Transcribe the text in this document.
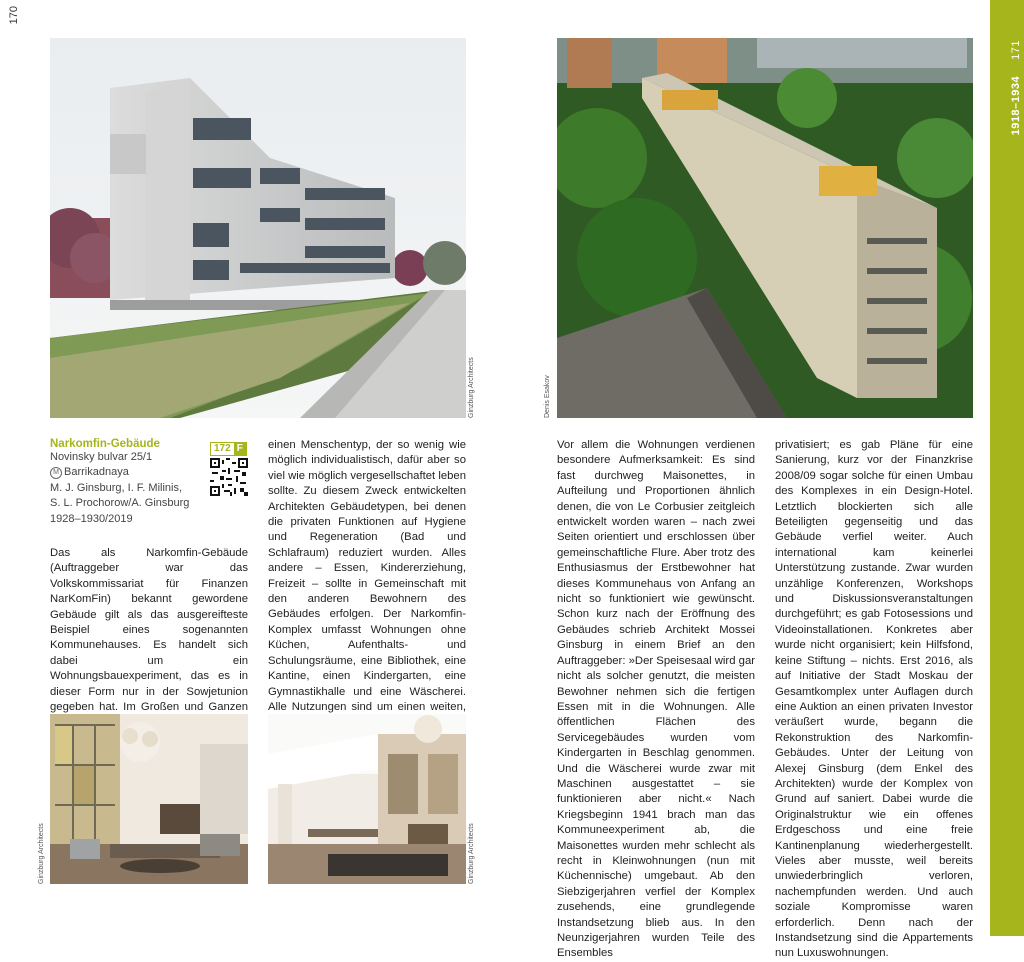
170
1918–1934171
Ginzburg Architects	Denis Esakov
Narkomfin-Gebäude
Novinsky bulvar 25/1
M Barrikadnaya
M. J. Ginsburg, I. F. Milinis,
S. L. Prochorow/A. Ginsburg
1928–1930/2019
172 F

Das als Narkomfin-Gebäude (Auftraggeber war das Volkskommissariat für Finanzen NarKomFin) bekannt gewordene Gebäude gilt als das ausgereifteste Beispiel eines sogenannten Kommunehauses. Es handelt sich dabei um ein Wohnungsbauexperiment, das es in dieser Form nur in der Sowjetunion gegeben hat. Im Großen und Ganzen

einen Menschentyp, der so wenig wie möglich individualistisch, dafür aber so viel wie möglich vergesellschaftet leben sollte. Zu diesem Zweck entwickelten Architekten Gebäudetypen, bei denen die privaten Funktionen auf Hygiene und Regeneration (Bad und Schlafraum) reduziert wurden. Alles andere – Essen, Kindererziehung, Freizeit – sollte in Gemeinschaft mit den anderen Bewohnern des Gebäudes erfolgen. Der Narkomfin-Komplex umfasst Wohnungen ohne Küchen, Aufenthalts- und Schulungsräume, eine Bibliothek, eine Kantine, einen Kindergarten, eine Gymnastikhalle und eine Wäscherei. Alle Nutzungen sind um einen weiten,

Vor allem die Wohnungen verdienen besondere Aufmerksamkeit: Es sind fast durchweg Maisonettes, in Aufteilung und Proportionen ähnlich denen, die von Le Corbusier zeitgleich entwickelt worden waren – nach zwei Seiten orientiert und erschlossen über gemeinschaftliche Flure. Aber trotz des Enthusiasmus der Erstbewohner hat dieses Kommunehaus von Anfang an nicht so funktioniert wie gewünscht. Schon kurz nach der Eröffnung des Gebäudes schrieb Architekt Mossei Ginsburg in einem Brief an den Auftraggeber: »Der Speisesaal wird gar nicht als solcher genutzt, die meisten Bewohner nehmen sich die fertigen Essen mit in die Wohnungen. Alle öffentlichen Flächen des Servicegebäudes wurden vom Kindergarten in Beschlag genommen. Und die Wäscherei wurde zwar mit Maschinen ausgestattet – sie funktionieren aber nicht.« Nach Kriegsbeginn 1941 brach man das Kommuneexperiment ab, die Maisonettes wurden mehr schlecht als recht in Kleinwohnungen (nun mit Küchennische) umgebaut. Ab den Siebzigerjahren verfiel der Komplex zusehends, eine grundlegende Instandsetzung blieb aus. In den Neunzigerjahren wurden Teile des Ensembles

privatisiert; es gab Pläne für eine Sanierung, kurz vor der Finanzkrise 2008/09 sogar solche für einen Umbau des Komplexes in ein Design-Hotel. Letztlich blockierten sich alle Beteiligten gegenseitig und das Gebäude verfiel weiter. Auch international kam keinerlei Unterstützung zustande. Zwar wurden unzählige Konferenzen, Workshops und Diskussionsveranstaltungen durchgeführt; es gab Fotosessions und Videoinstallationen. Konkretes aber wurde nicht organisiert; kein Hilfsfond, keine Stiftung – nichts. Erst 2016, als auf Initiative der Stadt Moskau der Gesamtkomplex unter Auflagen durch eine Auktion an einen privaten Investor veräußert wurde, begann die Rekonstruktion des Narkomfin-Gebäudes. Unter der Leitung von Alexej Ginsburg (dem Enkel des Architekten) wurde der Komplex von Grund auf saniert. Dabei wurde die Originalstruktur wie ein offenes Erdgeschoss und eine freie Kantinenplanung wiederhergestellt. Vieles aber musste, weil bereits unwiederbringlich verloren, nachempfunden werden. Und auch soziale Kompromisse waren erforderlich. Denn nach der Instandsetzung sind die Appartements nun Luxuswohnungen.

Ginzburg Architects	Ginzburg Architects
